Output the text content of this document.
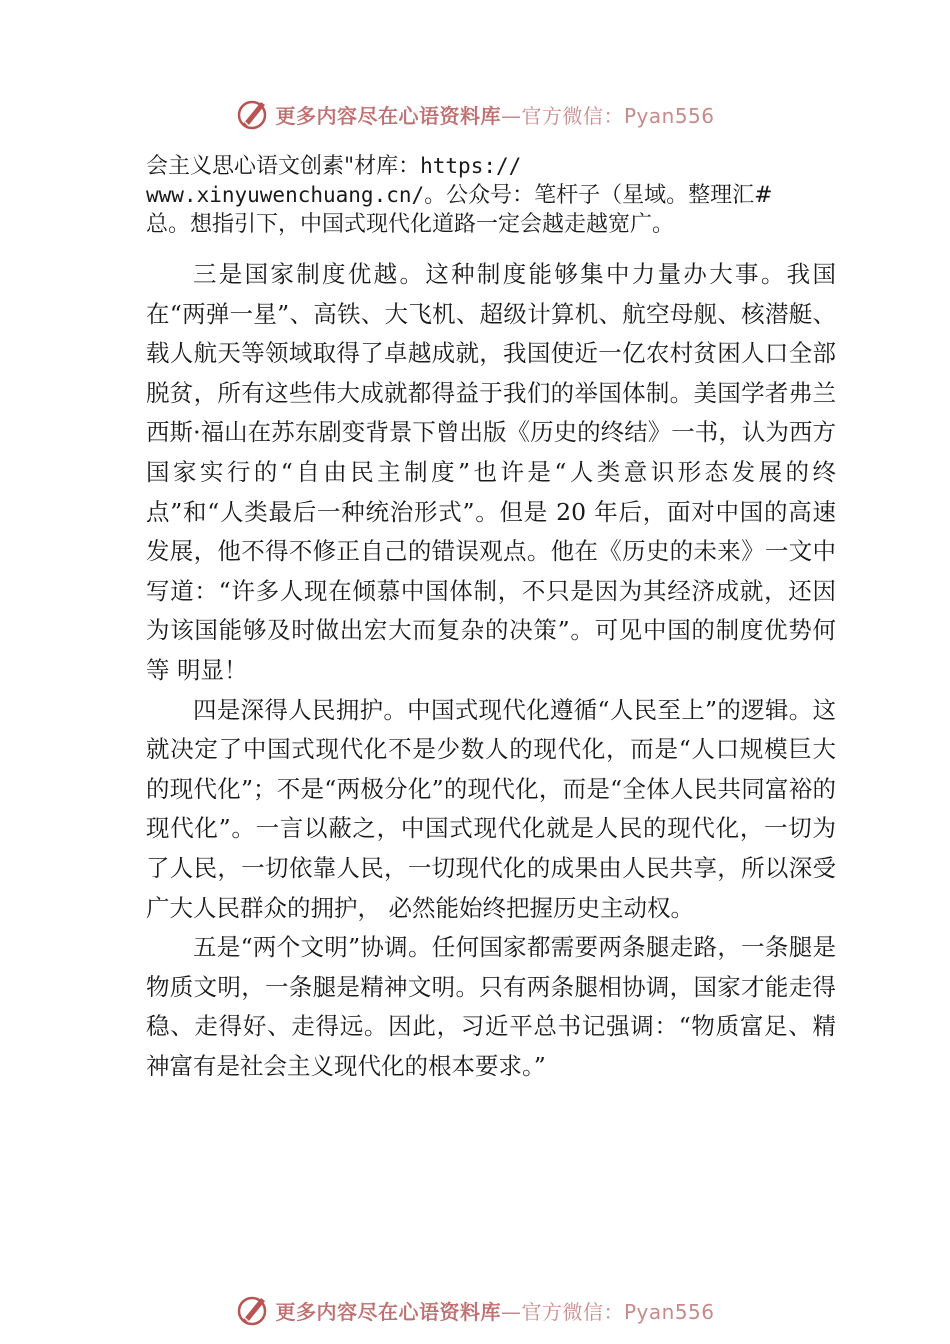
更多内容尽在心语资料库—官方微信：Pyan556

会主义思心语文创素"材库：https://

www.xinyuwenchuang.cn/。公众号：笔杆子（星域。整理汇#

总。想指引下，中国式现代化道路一定会越走越宽广。

三是国家制度优越。这种制度能够集中力量办大事。我国在“两弹一星”、高铁、大飞机、超级计算机、航空母舰、核潜艇、载人航天等领域取得了卓越成就，我国使近一亿农村贫困人口全部脱贫，所有这些伟大成就都得益于我们的举国体制。美国学者弗兰西斯·福山在苏东剧变背景下曾出版《历史的终结》一书，认为西方国家实行的“自由民主制度”也许是“人类意识形态发展的终点”和“人类最后一种统治形式”。但是 20 年后，面对中国的高速发展，他不得不修正自己的错误观点。他在《历史的未来》一文中写道：“许多人现在倾慕中国体制，不只是因为其经济成就，还因为该国能够及时做出宏大而复杂的决策”。可见中国的制度优势何等 明显！

四是深得人民拥护。中国式现代化遵循“人民至上”的逻辑。这就决定了中国式现代化不是少数人的现代化，而是“人口规模巨大的现代化”；不是“两极分化”的现代化，而是“全体人民共同富裕的现代化”。一言以蔽之，中国式现代化就是人民的现代化，一切为了人民，一切依靠人民，一切现代化的成果由人民共享，所以深受广大人民群众的拥护， 必然能始终把握历史主动权。

五是“两个文明”协调。任何国家都需要两条腿走路，一条腿是物质文明，一条腿是精神文明。只有两条腿相协调，国家才能走得稳、走得好、走得远。因此，习近平总书记强调：“物质富足、精神富有是社会主义现代化的根本要求。”

更多内容尽在心语资料库—官方微信：Pyan556
